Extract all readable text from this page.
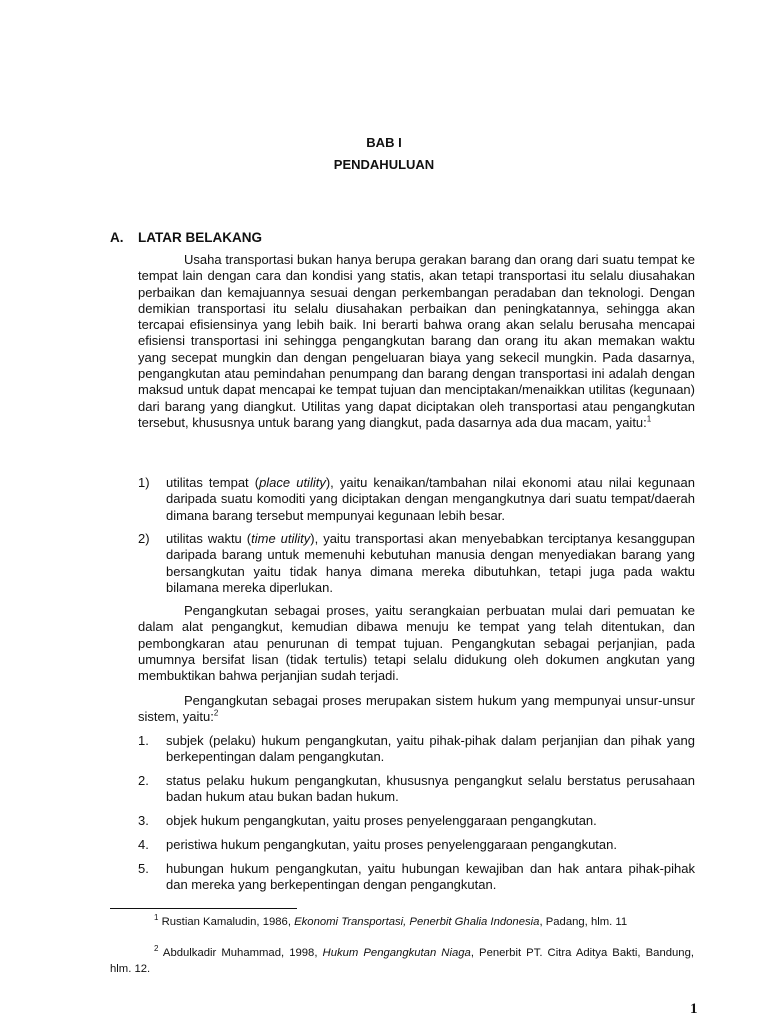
BAB I
PENDAHULUAN
A. LATAR BELAKANG

Usaha transportasi bukan hanya berupa gerakan barang dan orang dari suatu tempat ke tempat lain dengan cara dan kondisi yang statis, akan tetapi transportasi itu selalu diusahakan perbaikan dan kemajuannya sesuai dengan perkembangan peradaban dan teknologi. Dengan demikian transportasi itu selalu diusahakan perbaikan dan peningkatannya, sehingga akan tercapai efisiensinya yang lebih baik. Ini berarti bahwa orang akan selalu berusaha mencapai efisiensi transportasi ini sehingga pengangkutan barang dan orang itu akan memakan waktu yang secepat mungkin dan dengan pengeluaran biaya yang sekecil mungkin. Pada dasarnya, pengangkutan atau pemindahan penumpang dan barang dengan transportasi ini adalah dengan maksud untuk dapat mencapai ke tempat tujuan dan menciptakan/menaikkan utilitas (kegunaan) dari barang yang diangkut. Utilitas yang dapat diciptakan oleh transportasi atau pengangkutan tersebut, khususnya untuk barang yang diangkut, pada dasarnya ada dua macam, yaitu:$^1$

1) utilitas tempat (place utility), yaitu kenaikan/tambahan nilai ekonomi atau nilai kegunaan daripada suatu komoditi yang diciptakan dengan mengangkutnya dari suatu tempat/daerah dimana barang tersebut mempunyai kegunaan lebih besar.

2) utilitas waktu (time utility), yaitu transportasi akan menyebabkan terciptanya kesanggupan daripada barang untuk memenuhi kebutuhan manusia dengan menyediakan barang yang bersangkutan yaitu tidak hanya dimana mereka dibutuhkan, tetapi juga pada waktu bilamana mereka diperlukan.

Pengangkutan sebagai proses, yaitu serangkaian perbuatan mulai dari pemuatan ke dalam alat pengangkut, kemudian dibawa menuju ke tempat yang telah ditentukan, dan pembongkaran atau penurunan di tempat tujuan. Pengangkutan sebagai perjanjian, pada umumnya bersifat lisan (tidak tertulis) tetapi selalu didukung oleh dokumen angkutan yang membuktikan bahwa perjanjian sudah terjadi.

Pengangkutan sebagai proses merupakan sistem hukum yang mempunyai unsur-unsur sistem, yaitu:$^2$

1. subjek (pelaku) hukum pengangkutan, yaitu pihak-pihak dalam perjanjian dan pihak yang berkepentingan dalam pengangkutan.

2. status pelaku hukum pengangkutan, khususnya pengangkut selalu berstatus perusahaan badan hukum atau bukan badan hukum.

3. objek hukum pengangkutan, yaitu proses penyelenggaraan pengangkutan.

4. peristiwa hukum pengangkutan, yaitu proses penyelenggaraan pengangkutan.

5. hubungan hukum pengangkutan, yaitu hubungan kewajiban dan hak antara pihak-pihak dan mereka yang berkepentingan dengan pengangkutan.

$^1$ Rustian Kamaludin, 1986, Ekonomi Transportasi, Penerbit Ghalia Indonesia, Padang, hlm. 11

$^2$ Abdulkadir Muhammad, 1998, Hukum Pengangkutan Niaga, Penerbit PT. Citra Aditya Bakti, Bandung, hlm. 12.

1
